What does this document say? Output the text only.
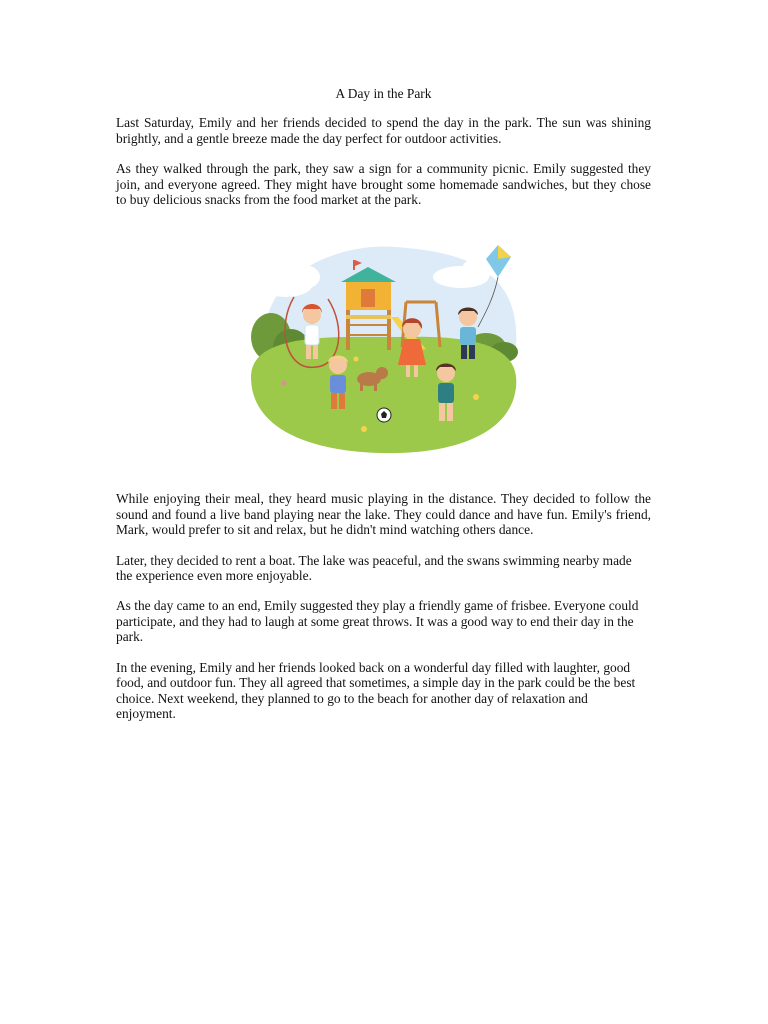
A Day in the Park

Last Saturday, Emily and her friends decided to spend the day in the park. The sun was shining brightly, and a gentle breeze made the day perfect for outdoor activities.

As they walked through the park, they saw a sign for a community picnic. Emily suggested they join, and everyone agreed. They might have brought some homemade sandwiches, but they chose to buy delicious snacks from the food market at the park.

While enjoying their meal, they heard music playing in the distance. They decided to follow the sound and found a live band playing near the lake. They could dance and have fun. Emily's friend, Mark, would prefer to sit and relax, but he didn't mind watching others dance.

Later, they decided to rent a boat. The lake was peaceful, and the swans swimming nearby made the experience even more enjoyable.

As the day came to an end, Emily suggested they play a friendly game of frisbee. Everyone could participate, and they had to laugh at some great throws. It was a good way to end their day in the park.

In the evening, Emily and her friends looked back on a wonderful day filled with laughter, good food, and outdoor fun. They all agreed that sometimes, a simple day in the park could be the best choice. Next weekend, they planned to go to the beach for another day of relaxation and enjoyment.
